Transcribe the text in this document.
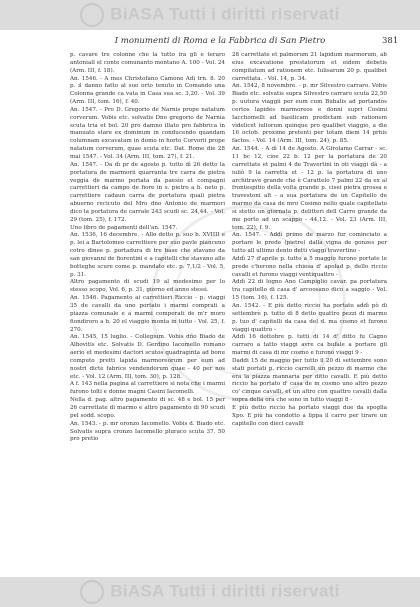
BiASA Tutti i diritti riservati
I monumenti di Roma e la Fabbrica di San Pietro	381

p. cavare tre colonne che la tutto ira gli e teraro antoniall el conte comunanto montano A. 100 - Vol. 24 (Arm. III, f. 18).

An. 1546. - A mes Christofano Camone Adì trn. 8. 20 p. il danno fatto al suo orto tenuto in Comando una Colonna grande ca vata in Casa sua sc. 3,20. - Vol. 39 (Arm. III, tom. 16), f. 40.

An. 1547. - Pro D. Gregorio de Narnis prope natatum corverum. Vobis etc. solvatis Dno gregorio de Narnia scuta tria et bol. 20 pro damno illato pro fabbrica in manuato stare ex dominum in conducendo quandam columnam excavatam in domo in horto Corvorii prope natatum corverum, quae scuta etc. Dat. Rome die 28 mai 1547. - Vol. 34 (Arm. III, tom. 27), f. 21.

An. 1547. - Da dì pr de agosto p. tutto dì 26 detto la portatura de marmorii quarranta tre carra de pietra veggia de marmo portata da paesio et compagni carrettieri da campo de fiore in s. pietro a b. neto p. carrettiere cadaun carra de portatura quali pietra abuerno recicuto del Mro dno Antonio de marmori dico la portatura de carrale 243 scudi sc. 24,44. - Vol. 29 (tom. 25), f. 172.

Uno libro de pagamenti dell'an. 1547.

An. 1536, 16 decembre. - Allo detto p. suo b. XVIIII e p. lei a Bartolomeo carrettiere per suo pavle pianceno cotro dinee p. portadura di tre base che stavano da san giovanni de fiorentini e a capitelli che stavano alle botteghe scure come p. mandato etc. p. 7,1/2 - Vol. 5, p. 31.

Altro pagamento di scudi 19 al medesimo per lo stesso scopo, Vol. 6, p. 31, giorno ed anno stessi.

An. 1546. Pagamento ai carrettieri Riccio - p. viaggi 35 de cavalli da uno portato i marmi comprati a piazza comunale e a marmi comperati de m'r moro fiondiroro a b. 20 el viaggio monta in tutto - Vol. 25, f. 270.

An. 1545, 15 luglio. - Collegium. Vobis dño Biado de Albovitis etc. Solvatis D. Gerdino Iacomello romano aerio et medesimi dactori scutos quadraginta ad bonu computo pretti lapida marmoreorum per eum ad nostri dicte fabrice vendendorum quae - 40 per nos etc. - Vol. 12 (Arm. III, tom. 30), p. 128.

A f. 143 nella pagina al carrettiere si nota che i marmi furono tolti e donne magni Casini Iacomelli.

Nella d. pag. altro pagamento di sc. 48 e bol. 15 per 26 carrettate di marmo e altro pagamento di 90 scudi pel sodd. scopo.

An. 1543. - p. mr oronzo Iacomello. Vobis d. Biado etc. Solvatis supra cronzo Iacomello pluraco scuta 37. 50 pro pretio

28 carrettate et palmorum 21 lapidum marmorum, ab eius excavatione prestatorum et eidem debetis compilatum ad rationem etc. Iulisarum 20 p. qualibet carrettata. - Vol. 14, p. 34.

An. 1542, 8 novembre. - p. mr Silvestro carraro. Vobis Biado etc. solvatis supra Silvestro carraro scuta 22,50 p. uutura viaggii per eum cum Bubalis ad portandos certos lapides marmoreos e donni supri Cosimi Iacchomelli ad basilicam predictam sub rationem videlicet iuliorum quinque pro qualibet viaggio, a die 16 octob. proxime pretenti per totam diem 14 prhis factos. - Vol. 14 (Arm. III, tom. 24), p. 85.

An. 1544. - A dì 14 de Agosto. A Girolamo Carrar - sc. 11 bc 12, cioe 22 b. 12 per la portatura de 20 carrettate et palmi 4 de Travertini in oti viaggi dà - a iuliò 9 la carretta et - 12 p. la portatura di uno architrave grande che è Carattelo 7 palmi 22 da ex al frontespitio della volta grande p. cisei pietra grossa e travestoni alt - a sua portatura de un Capitello de marmo da casa de mro Cosimo nello quale capitellato si stetto un giornata p. delitteri dell Carro grande da me porto ad un scappo - 44,12. - Vol. 23 (Arm. III, tom. 22), f. 9.

An. 1547. - Addì primo de marzo fur cominciato a portare le prede (pietre) dalla vigna de gonzes per tutto all ultimo dento detti viaggi travertino -

Addì 27 d'aprile p. tutto a 5 maggio furono portate le prede c'herono nella chiesa d' apolad p. dello riccio cavalli et furono viaggi ventiquattro -

Addì 22 di logno Ano Campiglio cavar. pa portatura tra capitello di casa d' arcoosano dico a saggio - Vol. 15 (tom. 16), f. 125.

An. 1542. - E più detto riccio ha portato addì pò di settembre p. tutto dì 8 detto quattro pezzi di marmo p. tuo d' capitelli da casa del d. ma cosmo et furono viaggi quattro -

Addì 16 dottobre p. tutti di 14 d' ditto fu Cagno carraro a tatto viaggi avre ca bufale a portare gli marmi di casa di mr cosmo e furono viaggi 9 -

Daddi 15 de maggio per tutto il 20 di settembre sono stati portati p. riccio carrelli un pezzo di marmo che era la piazza mannaria per ditto cavalli. E più detto riccio ha portato d' casa de m cosmo uno altro pezzo co' cinque cavalli, et un altro con quattro cavalli dalla sopra della ora che sono in tutto viaggi 8 -

E più detto riccio ha portato viaggi due da spoglia Xpo. E più ha condotto a lippa il carro per tirare un capitello con dieci cavalli

BiASA Tutti i diritti riservati
